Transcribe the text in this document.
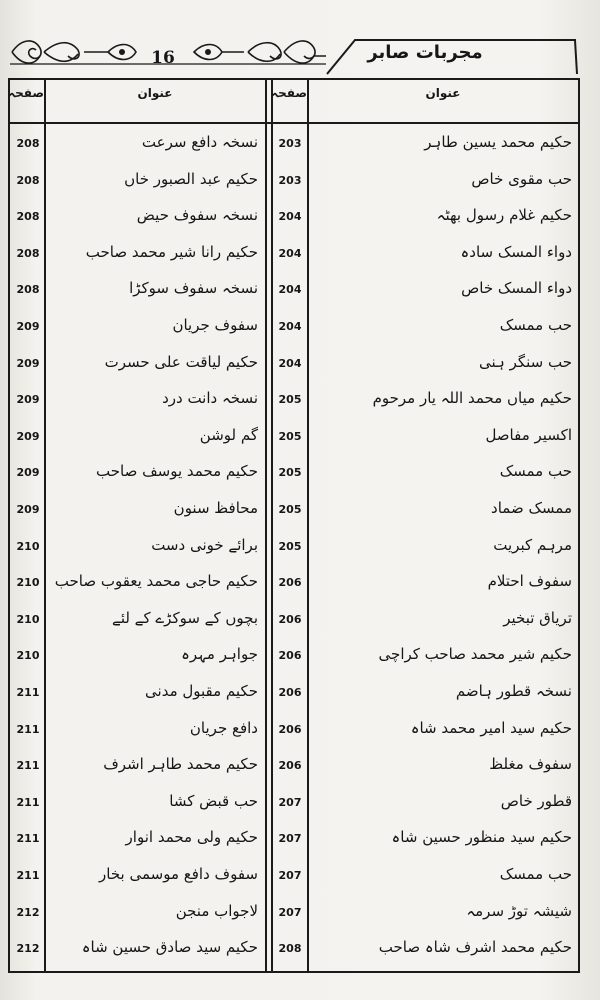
16	مجربات صابر
صفحہ	عنوان	صفحہ	عنوان
208	نسخہ دافع سرعت	203	حکیم محمد یسین طاہر
208	حکیم عبد الصبور خاں	203	حب مقوی خاص
208	نسخہ سفوف حیض	204	حکیم غلام رسول بھٹہ
208	حکیم رانا شیر محمد صاحب	204	دواء المسک سادہ
208	نسخہ سفوف سوکڑا	204	دواء المسک خاص
209	سفوف جریان	204	حب ممسک
209	حکیم لیاقت علی حسرت	204	حب سنگر ہنی
209	نسخہ دانت درد	205	حکیم میاں محمد اللہ یار مرحوم
209	گم لوشن	205	اکسیر مفاصل
209	حکیم محمد یوسف صاحب	205	حب ممسک
209	محافظ سنون	205	ممسک ضماد
210	برائے خونی دست	205	مرہم کبریت
210	حکیم حاجی محمد یعقوب صاحب	206	سفوف احتلام
210	بچوں کے سوکڑے کے لئے	206	تریاق تبخیر
210	جواہر مہرہ	206	حکیم شیر محمد صاحب کراچی
211	حکیم مقبول مدنی	206	نسخہ قطور ہاضم
211	دافع جریان	206	حکیم سید امیر محمد شاہ
211	حکیم محمد طاہر اشرف	206	سفوف مغلظ
211	حب قبض کشا	207	قطور خاص
211	حکیم ولی محمد انوار	207	حکیم سید منظور حسین شاہ
211	سفوف دافع موسمی بخار	207	حب ممسک
212	لاجواب منجن	207	شیشہ توڑ سرمہ
212	حکیم سید صادق حسین شاہ	208	حکیم محمد اشرف شاہ صاحب
